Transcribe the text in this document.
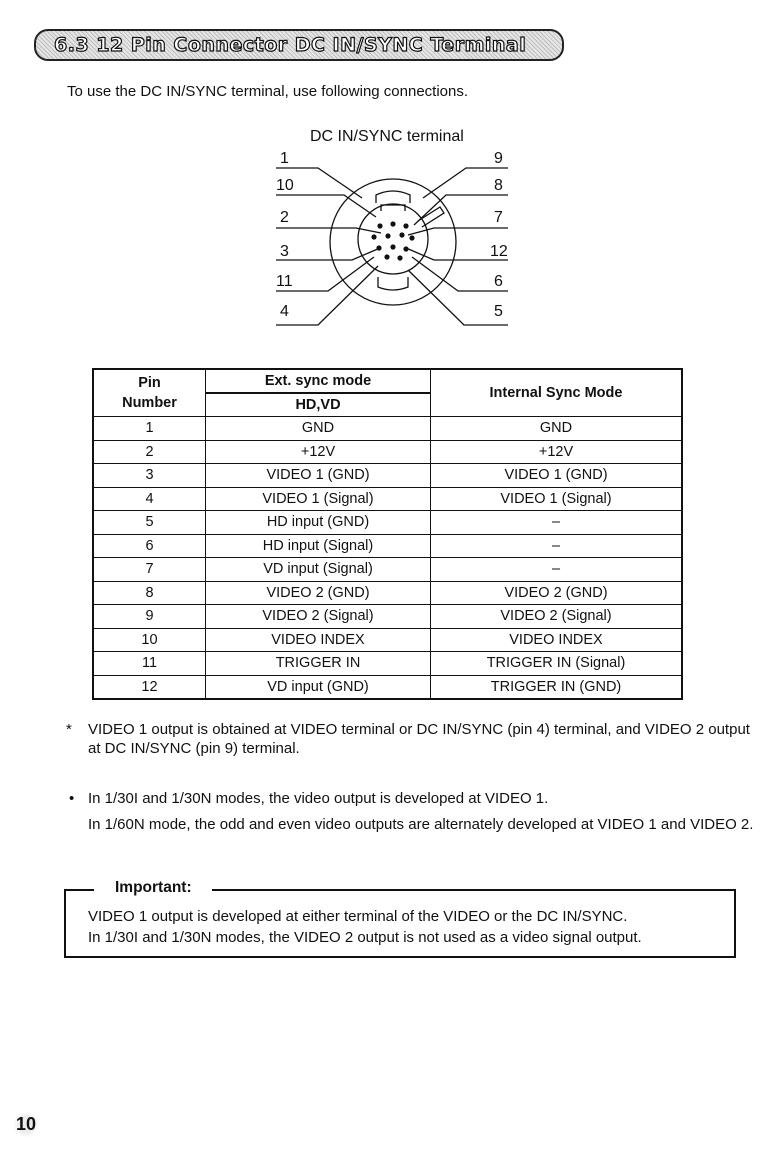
6.3 12 Pin Connector DC IN/SYNC Terminal
To use the DC IN/SYNC terminal, use following connections.
DC IN/SYNC terminal
1
10
2
3
11
4
9
8
7
12
6
5
Pin
Number	Ext. sync mode	Internal Sync Mode
	HD,VD	
1	GND	GND
2	+12V	+12V
3	VIDEO 1 (GND)	VIDEO 1 (GND)
4	VIDEO 1 (Signal)	VIDEO 1 (Signal)
5	HD input (GND)	–
6	HD input (Signal)	–
7	VD input (Signal)	–
8	VIDEO 2 (GND)	VIDEO 2 (GND)
9	VIDEO 2 (Signal)	VIDEO 2 (Signal)
10	VIDEO INDEX	VIDEO INDEX
11	TRIGGER IN	TRIGGER IN (Signal)
12	VD input (GND)	TRIGGER IN (GND)
* VIDEO 1 output is obtained at VIDEO terminal or DC IN/SYNC (pin 4) terminal, and VIDEO 2 output at DC IN/SYNC (pin 9) terminal.
• In 1/30I and 1/30N modes, the video output is developed at VIDEO 1.

In 1/60N mode, the odd and even video outputs are alternately developed at VIDEO 1 and VIDEO 2.

Important:
VIDEO 1 output is developed at either terminal of the VIDEO or the DC IN/SYNC.
In 1/30I and 1/30N modes, the VIDEO 2 output is not used as a video signal output.
10
